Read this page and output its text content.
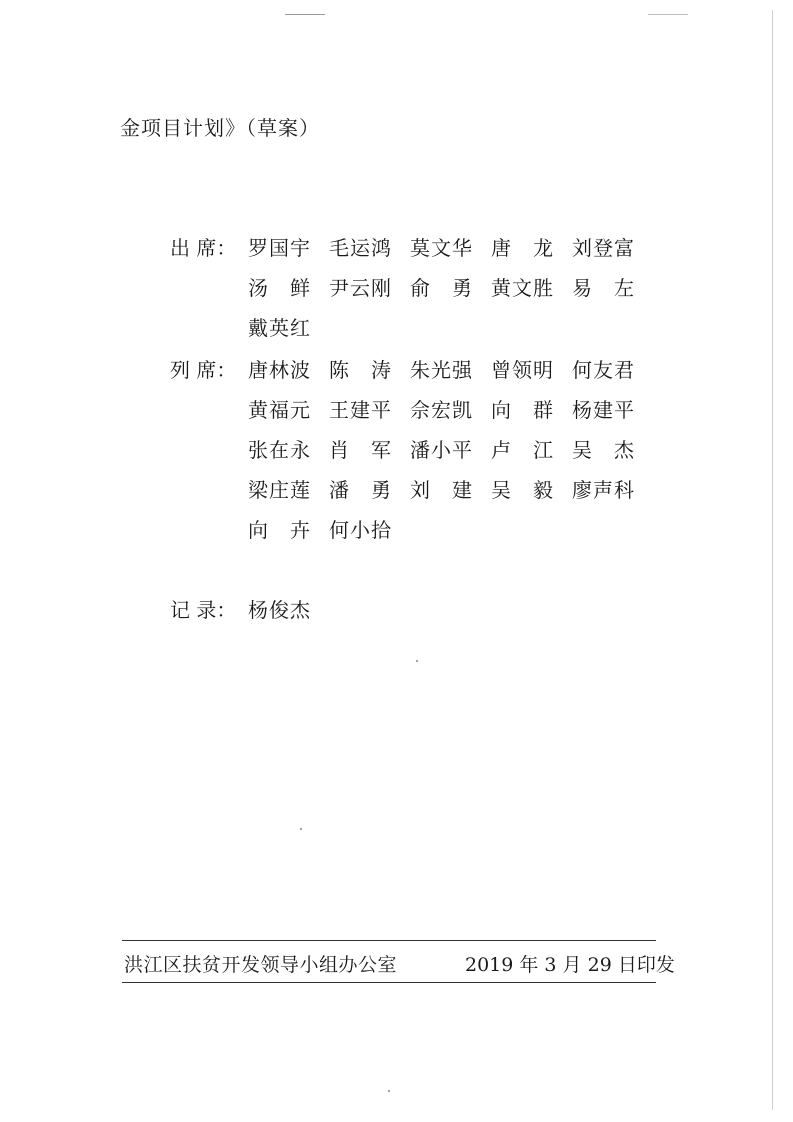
金项目计划》（草案）
出 席： 罗 国 宇 毛 运 鸿 莫 文 华 唐 龙 刘 登 富
汤 鲜 尹 云 刚 俞 勇 黄 文 胜 易 左
戴 英 红
列 席： 唐 林 波 陈 涛 朱 光 强 曾 领 明 何 友 君
黄 福 元 王 建 平 佘 宏 凯 向 群 杨 建 平
张 在 永 肖 军 潘 小 平 卢 江 吴 杰
梁 庄 莲 潘 勇 刘 建 吴 毅 廖 声 科
向 卉 何 小 拾
记 录： 杨 俊 杰
洪江区扶贫开发领导小组办公室	2019 年 3 月 29 日印发
